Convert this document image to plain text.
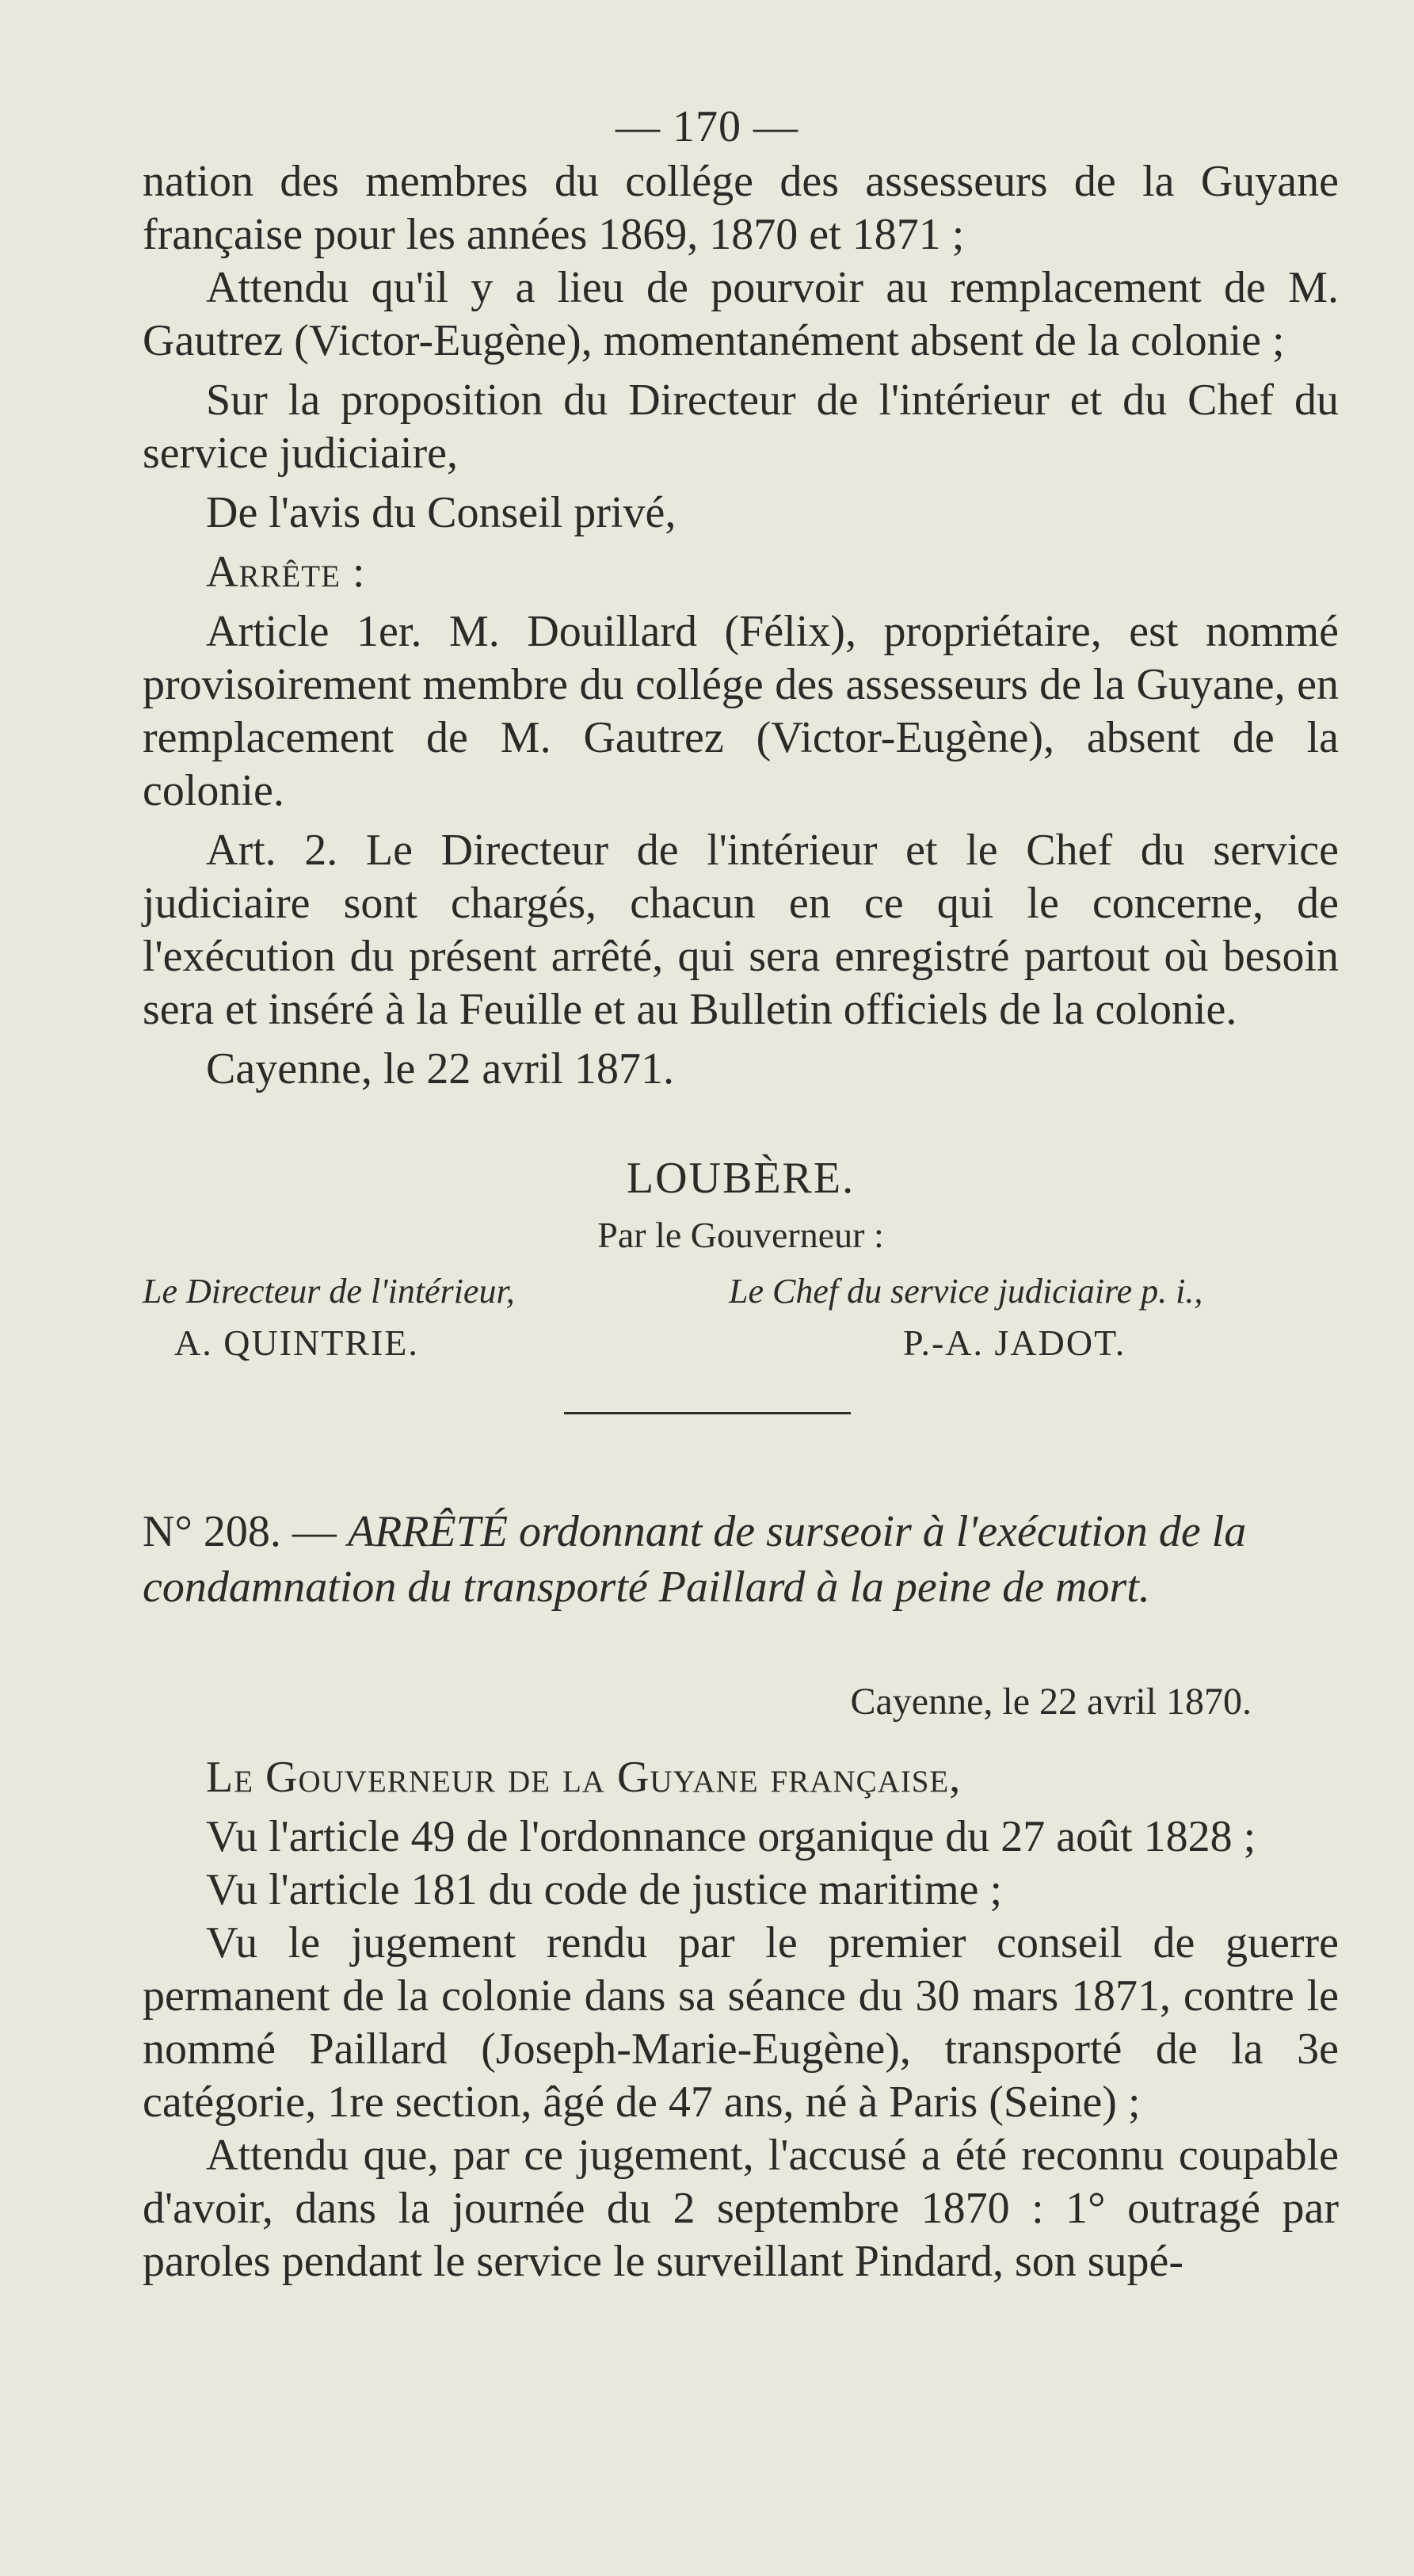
— 170 —

nation des membres du collége des assesseurs de la Guyane française pour les années 1869, 1870 et 1871 ;

Attendu qu'il y a lieu de pourvoir au remplacement de M. Gautrez (Victor-Eugène), momentanément absent de la colonie ;

Sur la proposition du Directeur de l'intérieur et du Chef du service judiciaire,

De l'avis du Conseil privé,

Arrête :

Article 1er. M. Douillard (Félix), propriétaire, est nommé provisoirement membre du collége des assesseurs de la Guyane, en remplacement de M. Gautrez (Victor-Eugène), absent de la colonie.

Art. 2. Le Directeur de l'intérieur et le Chef du service judiciaire sont chargés, chacun en ce qui le concerne, de l'exécution du présent arrêté, qui sera enregistré partout où besoin sera et inséré à la Feuille et au Bulletin officiels de la colonie.

Cayenne, le 22 avril 1871.

LOUBÈRE.
Par le Gouverneur :
Le Directeur de l'intérieur,	Le Chef du service judiciaire p. i.,
A. QUINTRIE.	P.-A. JADOT.
N° 208. — ARRÊTÉ ordonnant de surseoir à l'exécution de la condamnation du transporté Paillard à la peine de mort.
Cayenne, le 22 avril 1870.

Le Gouverneur de la Guyane française,

Vu l'article 49 de l'ordonnance organique du 27 août 1828 ;

Vu l'article 181 du code de justice maritime ;

Vu le jugement rendu par le premier conseil de guerre permanent de la colonie dans sa séance du 30 mars 1871, contre le nommé Paillard (Joseph-Marie-Eugène), transporté de la 3e catégorie, 1re section, âgé de 47 ans, né à Paris (Seine) ;

Attendu que, par ce jugement, l'accusé a été reconnu coupable d'avoir, dans la journée du 2 septembre 1870 : 1° outragé par paroles pendant le service le surveillant Pindard, son supé-
